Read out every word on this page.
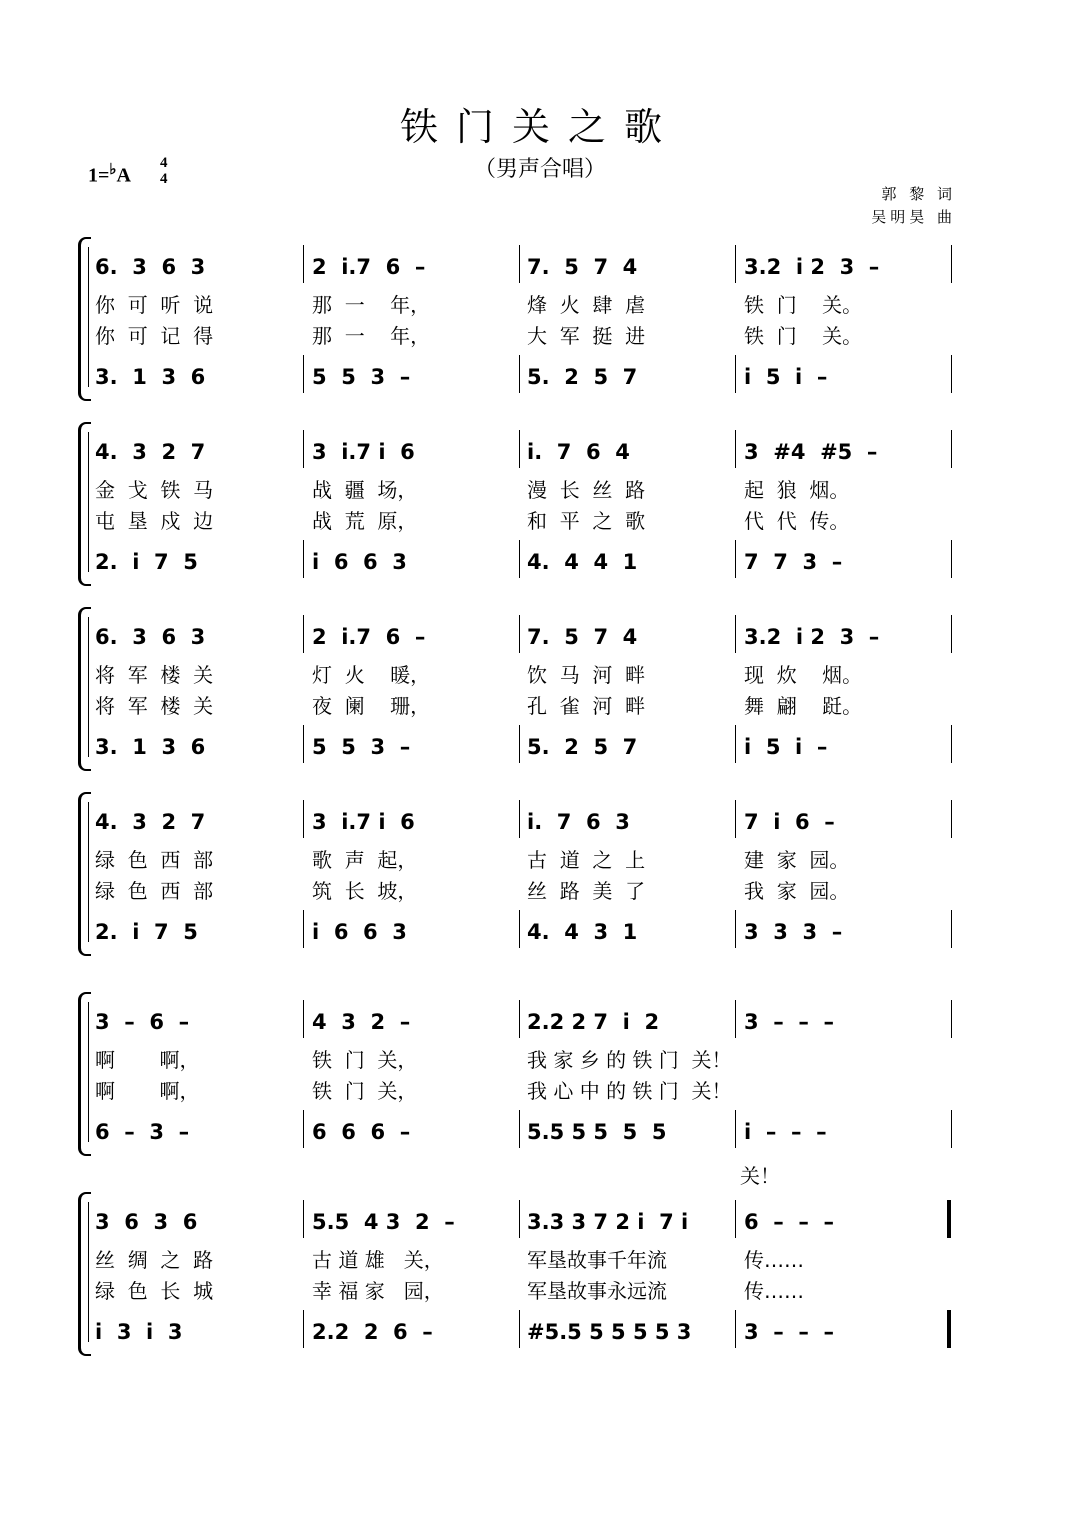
铁门关之歌
（男声合唱）
1=♭A
4
4
郭 黎 词
吴明昊 曲
6.  3  6  3	2  i.7  6  –	7.  5  7  4	3.2  i 2  3  –
你  可  听  说	那  一    年，	烽  火  肆  虐	铁  门    关。
你  可  记  得	那  一    年，	大  军  挺  进	铁  门    关。
3.  1  3  6	5  5  3  –	5.  2  5  7	i  5  i  –
4.  3  2  7	3  i.7 i  6	i.  7  6  4	3  #4  #5  –
金  戈  铁  马	战  疆  场，	漫  长  丝  路	起  狼  烟。
屯  垦  戍  边	战  荒  原，	和  平  之  歌	代  代  传。
2.  i  7  5	i  6  6  3	4.  4  4  1	7  7  3  –
6.  3  6  3	2  i.7  6  –	7.  5  7  4	3.2  i 2  3  –
将  军  楼  关	灯  火    暖，	饮  马  河  畔	现  炊    烟。
将  军  楼  关	夜  阑    珊，	孔  雀  河  畔	舞  翩    跹。
3.  1  3  6	5  5  3  –	5.  2  5  7	i  5  i  –
4.  3  2  7	3  i.7 i  6	i.  7  6  3	7  i  6  –
绿  色  西  部	歌  声  起，	古  道  之  上	建  家  园。
绿  色  西  部	筑  长  坡，	丝  路  美  了	我  家  园。
2.  i  7  5	i  6  6  3	4.  4  3  1	3  3  3  –
3  –  6  –	4  3  2  –	2.2 2 7  i  2	3  –  –  –
啊       啊，	铁  门  关，	我 家 乡 的 铁 门  关！
啊       啊，	铁  门  关，	我 心 中 的 铁 门  关！
6  –  3  –	6  6  6  –	5.5 5 5  5  5	i  –  –  –
关！
3  6  3  6	5.5  4 3  2  –	3.3 3 7 2 i  7 i	6  –  –  –
丝  绸  之  路	古 道 雄   关，	军垦故事千年流	传……
绿  色  长  城	幸 福 家   园，	军垦故事永远流	传……
i  3  i  3	2.2  2  6  –	#5.5 5 5 5 5 3	3  –  –  –
